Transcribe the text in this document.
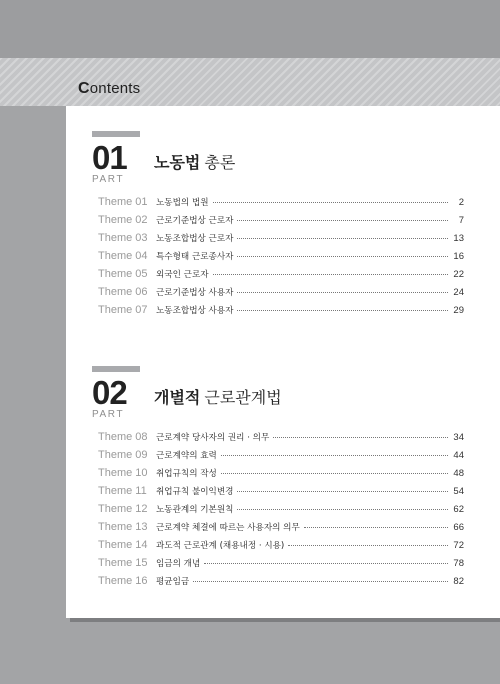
Contents
01
PART
노동법 총론
Theme 01 노동법의 법원	2
Theme 02 근로기준법상 근로자	7
Theme 03 노동조합법상 근로자	13
Theme 04 특수형태 근로종사자	16
Theme 05 외국인 근로자	22
Theme 06 근로기준법상 사용자	24
Theme 07 노동조합법상 사용자	29
02
PART
개별적 근로관계법
Theme 08 근로계약 당사자의 권리 · 의무	34
Theme 09 근로계약의 효력	44
Theme 10 취업규칙의 작성	48
Theme 11	취업규칙 불이익변경	54
Theme 12 노동관계의 기본원칙	62
Theme 13 근로계약 체결에 따르는 사용자의 의무	66
Theme 14 과도적 근로관계 (채용내정 · 시용)	72
Theme 15 임금의 개념	78
Theme 16 평균임금	82
